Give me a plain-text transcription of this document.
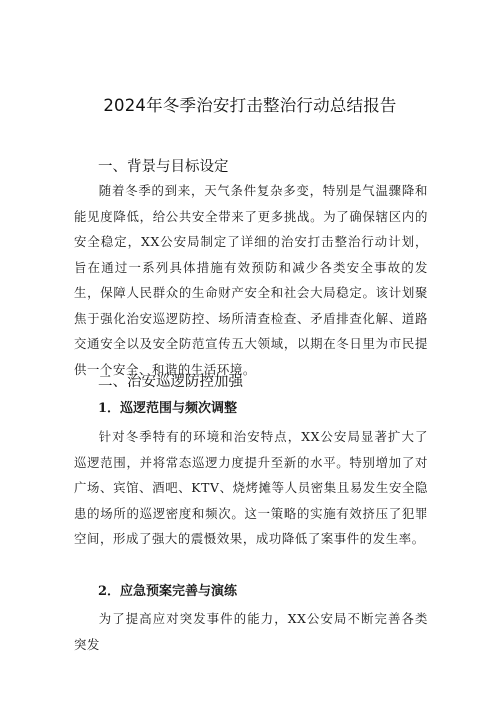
2024年冬季治安打击整治行动总结报告
一、背景与目标设定

随着冬季的到来，天气条件复杂多变，特别是气温骤降和能见度降低，给公共安全带来了更多挑战。为了确保辖区内的安全稳定，XX公安局制定了详细的治安打击整治行动计划，旨在通过一系列具体措施有效预防和减少各类安全事故的发生，保障人民群众的生命财产安全和社会大局稳定。该计划聚焦于强化治安巡逻防控、场所清查检查、矛盾排查化解、道路交通安全以及安全防范宣传五大领域，以期在冬日里为市民提供一个安全、和谐的生活环境。

二、治安巡逻防控加强
1．巡逻范围与频次调整

针对冬季特有的环境和治安特点，XX公安局显著扩大了巡逻范围，并将常态巡逻力度提升至新的水平。特别增加了对广场、宾馆、酒吧、KTV、烧烤摊等人员密集且易发生安全隐患的场所的巡逻密度和频次。这一策略的实施有效挤压了犯罪空间，形成了强大的震慑效果，成功降低了案事件的发生率。

2．应急预案完善与演练

为了提高应对突发事件的能力，XX公安局不断完善各类突发
